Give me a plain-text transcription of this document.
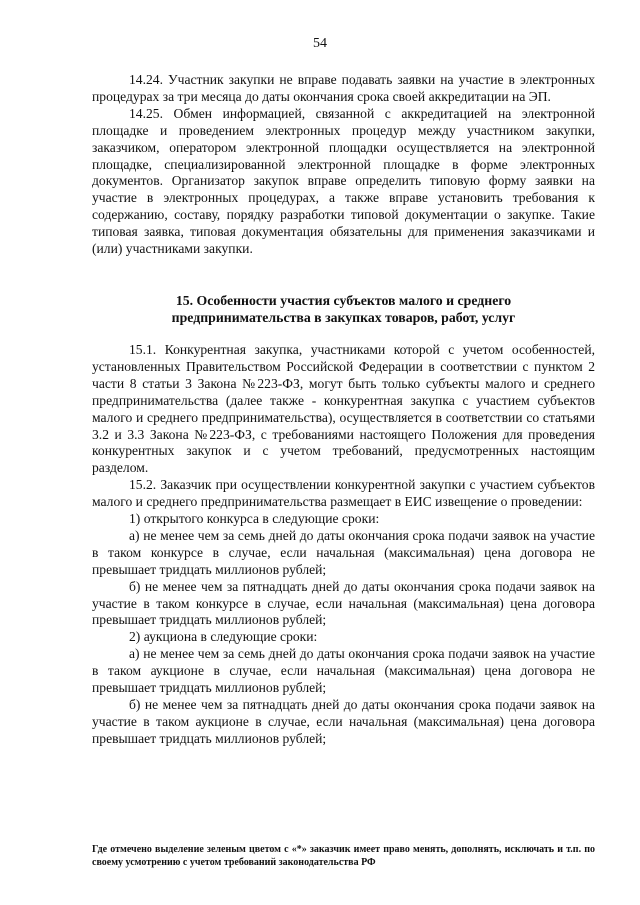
54

14.24. Участник закупки не вправе подавать заявки на участие в электронных процедурах за три месяца до даты окончания срока своей аккредитации на ЭП.

14.25. Обмен информацией, связанной с аккредитацией на электронной площадке и проведением электронных процедур между участником закупки, заказчиком, оператором электронной площадки осуществляется на электронной площадке, специализированной электронной площадке в форме электронных документов. Организатор закупок вправе определить типовую форму заявки на участие в электронных процедурах, а также вправе установить требования к содержанию, составу, порядку разработки типовой документации о закупке. Такие типовая заявка, типовая документация обязательны для применения заказчиками и (или) участниками закупки.

15. Особенности участия субъектов малого и среднего

предпринимательства в закупках товаров, работ, услуг

15.1. Конкурентная закупка, участниками которой с учетом особенностей, установленных Правительством Российской Федерации в соответствии с пунктом 2 части 8 статьи 3 Закона №223-ФЗ, могут быть только субъекты малого и среднего предпринимательства (далее также - конкурентная закупка с участием субъектов малого и среднего предпринимательства), осуществляется в соответствии со статьями 3.2 и 3.3 Закона №223-ФЗ, с требованиями настоящего Положения для проведения конкурентных закупок и с учетом требований, предусмотренных настоящим разделом.

15.2. Заказчик при осуществлении конкурентной закупки с участием субъектов малого и среднего предпринимательства размещает в ЕИС извещение о проведении:

1) открытого конкурса в следующие сроки:

а) не менее чем за семь дней до даты окончания срока подачи заявок на участие в таком конкурсе в случае, если начальная (максимальная) цена договора не превышает тридцать миллионов рублей;

б) не менее чем за пятнадцать дней до даты окончания срока подачи заявок на участие в таком конкурсе в случае, если начальная (максимальная) цена договора превышает тридцать миллионов рублей;

2) аукциона в следующие сроки:

а) не менее чем за семь дней до даты окончания срока подачи заявок на участие в таком аукционе в случае, если начальная (максимальная) цена договора не превышает тридцать миллионов рублей;

б) не менее чем за пятнадцать дней до даты окончания срока подачи заявок на участие в таком аукционе в случае, если начальная (максимальная) цена договора превышает тридцать миллионов рублей;

Где отмечено выделение зеленым цветом с «*» заказчик имеет право менять, дополнять, исключать и т.п. по своему усмотрению с учетом требований законодательства РФ
